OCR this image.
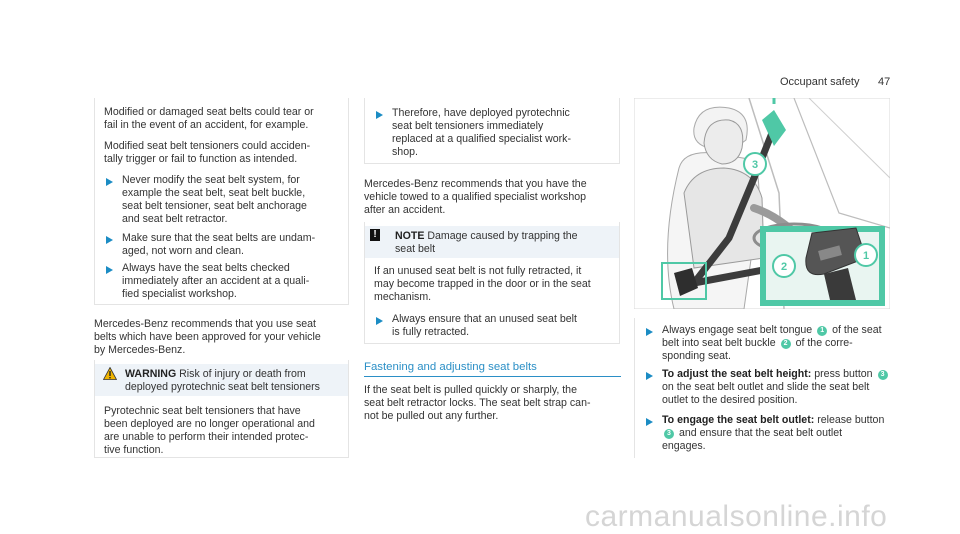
Occupant safety 47
Modified or damaged seat belts could tear or
fail in the event of an accident, for example.
Modified seat belt tensioners could acciden-
tally trigger or fail to function as intended.
Never modify the seat belt system, for
example the seat belt, seat belt buckle,
seat belt tensioner, seat belt anchorage
and seat belt retractor.
Make sure that the seat belts are undam-
aged, not worn and clean.
Always have the seat belts checked
immediately after an accident at a quali-
fied specialist workshop.
Mercedes-Benz recommends that you use seat
belts which have been approved for your vehicle
by Mercedes-Benz.
WARNING Risk of injury or death from
deployed pyrotechnic seat belt tensioners
Pyrotechnic seat belt tensioners that have
been deployed are no longer operational and
are unable to perform their intended protec-
tive function.
Therefore, have deployed pyrotechnic
seat belt tensioners immediately
replaced at a qualified specialist work-
shop.
Mercedes-Benz recommends that you have the
vehicle towed to a qualified specialist workshop
after an accident.
!	NOTE Damage caused by trapping the
seat belt
If an unused seat belt is not fully retracted, it
may become trapped in the door or in the seat
mechanism.
Always ensure that an unused seat belt
is fully retracted.
Fastening and adjusting seat belts
If the seat belt is pulled quickly or sharply, the
seat belt retractor locks. The seat belt strap can-
not be pulled out any further.
1
2
3
Always engage seat belt tongue 1 of the seat
belt into seat belt buckle 2 of the corre-
sponding seat.
To adjust the seat belt height: press button 3
on the seat belt outlet and slide the seat belt
outlet to the desired position.
To engage the seat belt outlet: release button
3 and ensure that the seat belt outlet
engages.
carmanualsonline.info
